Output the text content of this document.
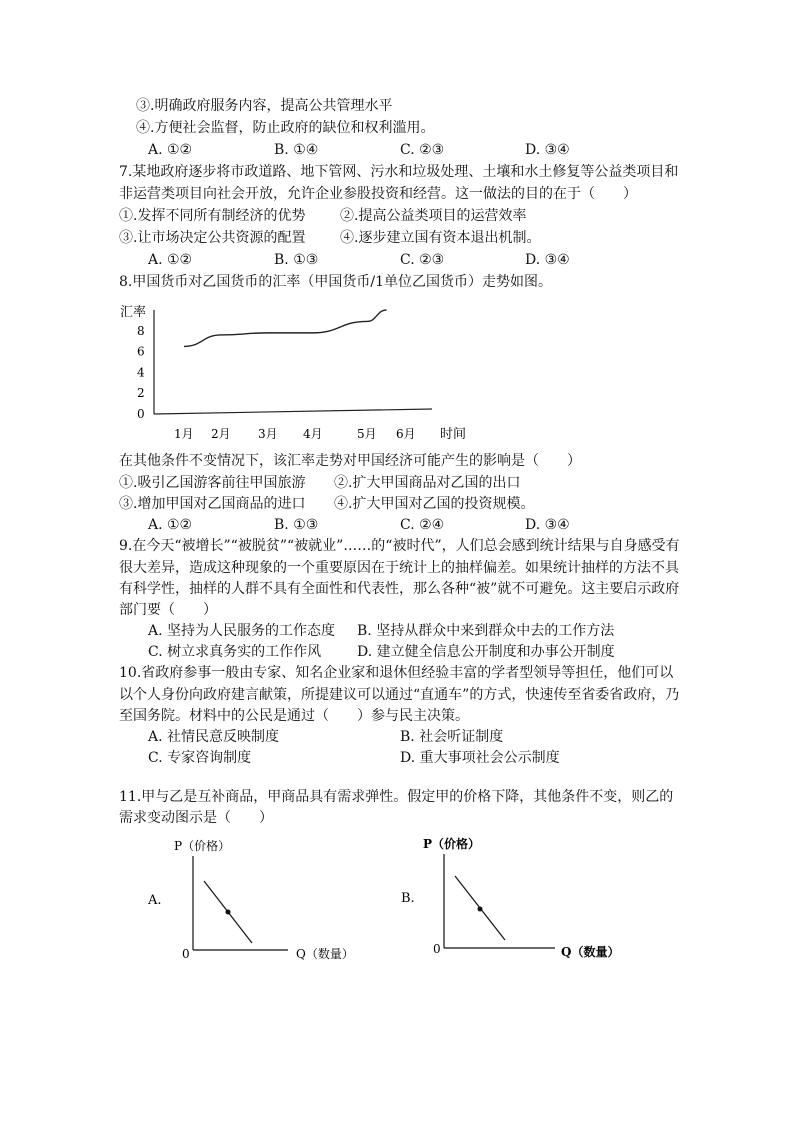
③.明确政府服务内容，提高公共管理水平
④.方便社会监督，防止政府的缺位和权利滥用。
A. ①②	B. ①④	C. ②③	D. ③④
7.某地政府逐步将市政道路、地下管网、污水和垃圾处理、土壤和水土修复等公益类项目和
非运营类项目向社会开放，允许企业参股投资和经营。这一做法的目的在于（　　）
①.发挥不同所有制经济的优势 ②.提高公益类项目的运营效率
③.让市场决定公共资源的配置 ④.逐步建立国有资本退出机制。
A. ①②	B. ①③	C. ②③	D. ③④
8.甲国货币对乙国货币的汇率（甲国货币/1单位乙国货币）走势如图。
汇率
时间
0
2
4
6
8
1月 2月 3月 4月	5月 6月
在其他条件不变情况下，该汇率走势对甲国经济可能产生的影响是（　　）
①.吸引乙国游客前往甲国旅游 ②.扩大甲国商品对乙国的出口
③.增加甲国对乙国商品的进口 ④.扩大甲国对乙国的投资规模。
A. ①②	B. ①③	C. ②④	D. ③④
9.在今天“被增长”“被脱贫”“被就业”……的“被时代”，人们总会感到统计结果与自身感受有
很大差异，造成这种现象的一个重要原因在于统计上的抽样偏差。如果统计抽样的方法不具
有科学性，抽样的人群不具有全面性和代表性，那么各种“被”就不可避免。这主要启示政府
部门要（　　）
A. 坚持为人民服务的工作态度 B. 坚持从群众中来到群众中去的工作方法
C. 树立求真务实的工作作风	D. 建立健全信息公开制度和办事公开制度
10.省政府参事一般由专家、知名企业家和退休但经验丰富的学者型领导等担任，他们可以
以个人身份向政府建言献策，所提建议可以通过“直通车”的方式，快速传至省委省政府，乃
至国务院。材料中的公民是通过（　　）参与民主决策。
A. 社情民意反映制度	B. 社会听证制度
C. 专家咨询制度	D. 重大事项社会公示制度
11.甲与乙是互补商品，甲商品具有需求弹性。假定甲的价格下降，其他条件不变，则乙的
需求变动图示是（　　）
A.
P（价格）
0	Q（数量）
B.
P（价格）
0	Q（数量）
